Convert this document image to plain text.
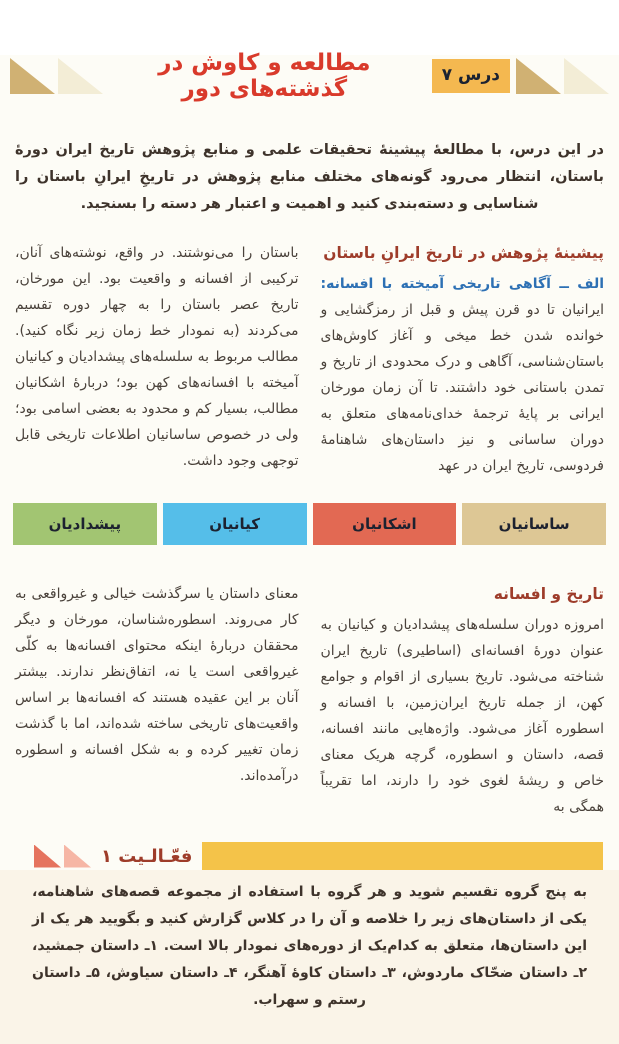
درس ۷
مطالعه و کاوش در گذشته‌های دور

در این درس، با مطالعهٔ پیشینهٔ تحقیقات علمی و منابع پژوهش تاریخ ایران دورهٔ باستان، انتظار می‌رود گونه‌های مختلف منابع پژوهش در تاریخِ ایرانِ باستان را شناسایی و دسته‌بندی کنید و اهمیت و اعتبار هر دسته را بسنجید.

پیشینهٔ پژوهش در تاریخ ایرانِ باستان
الف ــ آگاهی تاریخی آمیخته با افسانه: ایرانیان تا دو قرن پیش و قبل از رمزگشایی و خوانده شدن خط میخی و آغاز کاوش‌های باستان‌شناسی، آگاهی و درک محدودی از تاریخ و تمدن باستانی خود داشتند. تا آن زمان مورخان ایرانی بر پایهٔ ترجمهٔ خدای‌نامه‌های متعلق به دوران ساسانی و نیز داستان‌های شاهنامهٔ فردوسی، تاریخ ایران در عهد
باستان را می‌نوشتند. در واقع، نوشته‌های آنان، ترکیبی از افسانه و واقعیت بود. این مورخان، تاریخ عصر باستان را به چهار دوره تقسیم می‌کردند (به نمودار خط زمان زیر نگاه کنید). مطالب مربوط به سلسله‌های پیشدادیان و کیانیان آمیخته با افسانه‌های کهن بود؛ دربارهٔ اشکانیان مطالب، بسیار کم و محدود به بعضی اسامی بود؛ ولی در خصوص ساسانیان اطلاعات تاریخی قابل توجهی وجود داشت.
ساسانیان
اشکانیان
کیانیان
پیشدادیان
تاریخ و افسانه
امروزه دوران سلسله‌های پیشدادیان و کیانیان به عنوان دورهٔ افسانه‌ای (اساطیری) تاریخ ایران شناخته می‌شود. تاریخ بسیاری از اقوام و جوامع کهن، از جمله تاریخ ایران‌زمین، با افسانه و اسطوره آغاز می‌شود. واژه‌هایی مانند افسانه، قصه، داستان و اسطوره، گرچه هریک معنای خاص و ریشهٔ لغوی خود را دارند، اما تقریباً همگی به
معنای داستان یا سرگذشت خیالی و غیرواقعی به کار می‌روند. اسطوره‌شناسان، مورخان و دیگر محققان دربارهٔ اینکه محتوای افسانه‌ها به کلّی غیرواقعی است یا نه، اتفاق‌نظر ندارند. بیشتر آنان بر این عقیده هستند که افسانه‌ها بر اساس واقعیت‌های تاریخی ساخته شده‌اند، اما با گذشت زمان تغییر کرده و به شکل افسانه و اسطوره درآمده‌اند.
فعّـالـیت ۱

به پنج گروه تقسیم شوید و هر گروه با استفاده از مجموعه قصه‌های شاهنامه، یکی از داستان‌های زیر را خلاصه و آن را در کلاس گزارش کنید و بگویید هر یک از این داستان‌ها، متعلق به کدام‌یک از دوره‌های نمودار بالا است. ۱ـ داستان جمشید، ۲ـ داستان ضحّاک ماردوش، ۳ـ داستان کاوهٔ آهنگر، ۴ـ داستان سیاوش، ۵ـ داستان رستم و سهراب.
